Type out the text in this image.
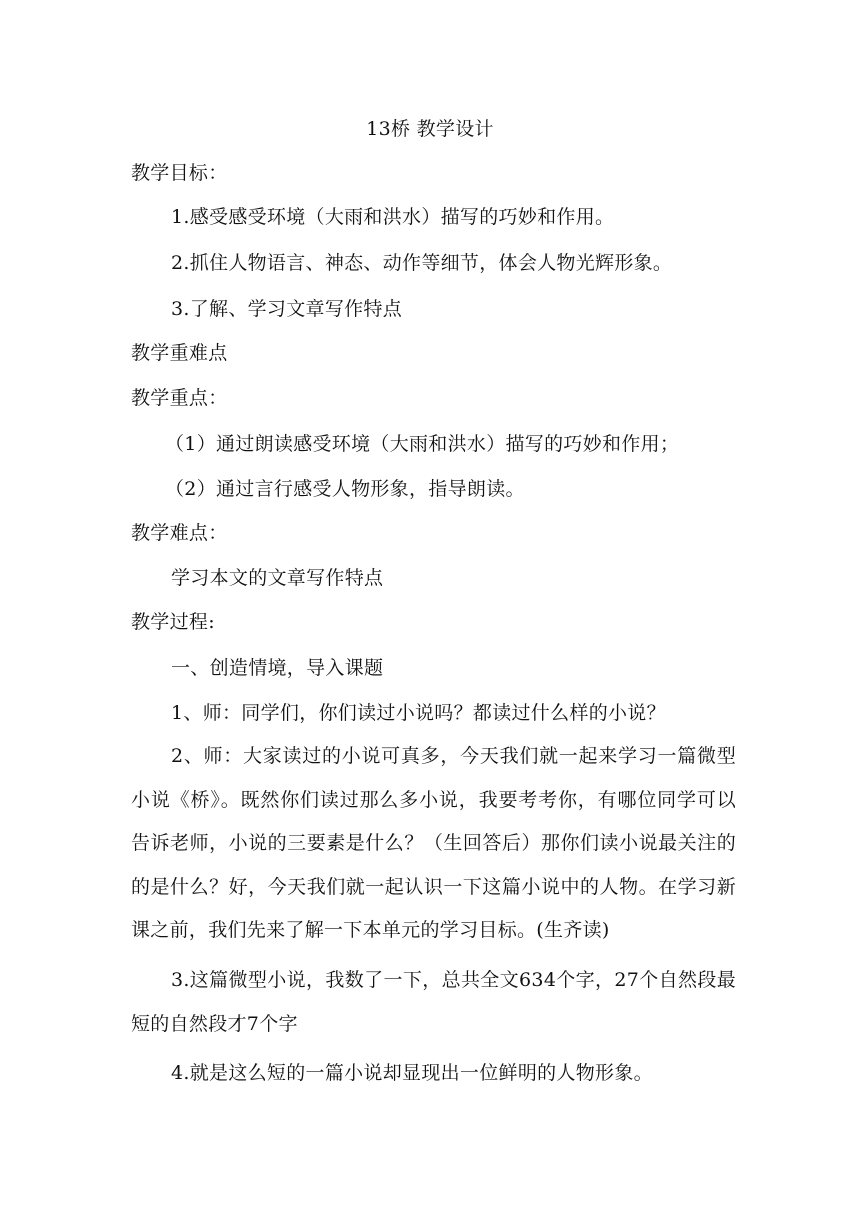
13桥 教学设计
教学目标：
1.感受感受环境（大雨和洪水）描写的巧妙和作用。
2.抓住人物语言、神态、动作等细节，体会人物光辉形象。
3.了解、学习文章写作特点
教学重难点
教学重点：
（1）通过朗读感受环境（大雨和洪水）描写的巧妙和作用；
（2）通过言行感受人物形象，指导朗读。
教学难点：
学习本文的文章写作特点
教学过程:
一、创造情境，导入课题
1、师：同学们，你们读过小说吗？都读过什么样的小说？
2、师：大家读过的小说可真多，今天我们就一起来学习一篇微型小说《桥》。既然你们读过那么多小说，我要考考你，有哪位同学可以告诉老师，小说的三要素是什么？（生回答后）那你们读小说最关注的的是什么？好，今天我们就一起认识一下这篇小说中的人物。在学习新课之前，我们先来了解一下本单元的学习目标。(生齐读)
3.这篇微型小说，我数了一下，总共全文634个字，27个自然段最短的自然段才7个字
4.就是这么短的一篇小说却显现出一位鲜明的人物形象。
